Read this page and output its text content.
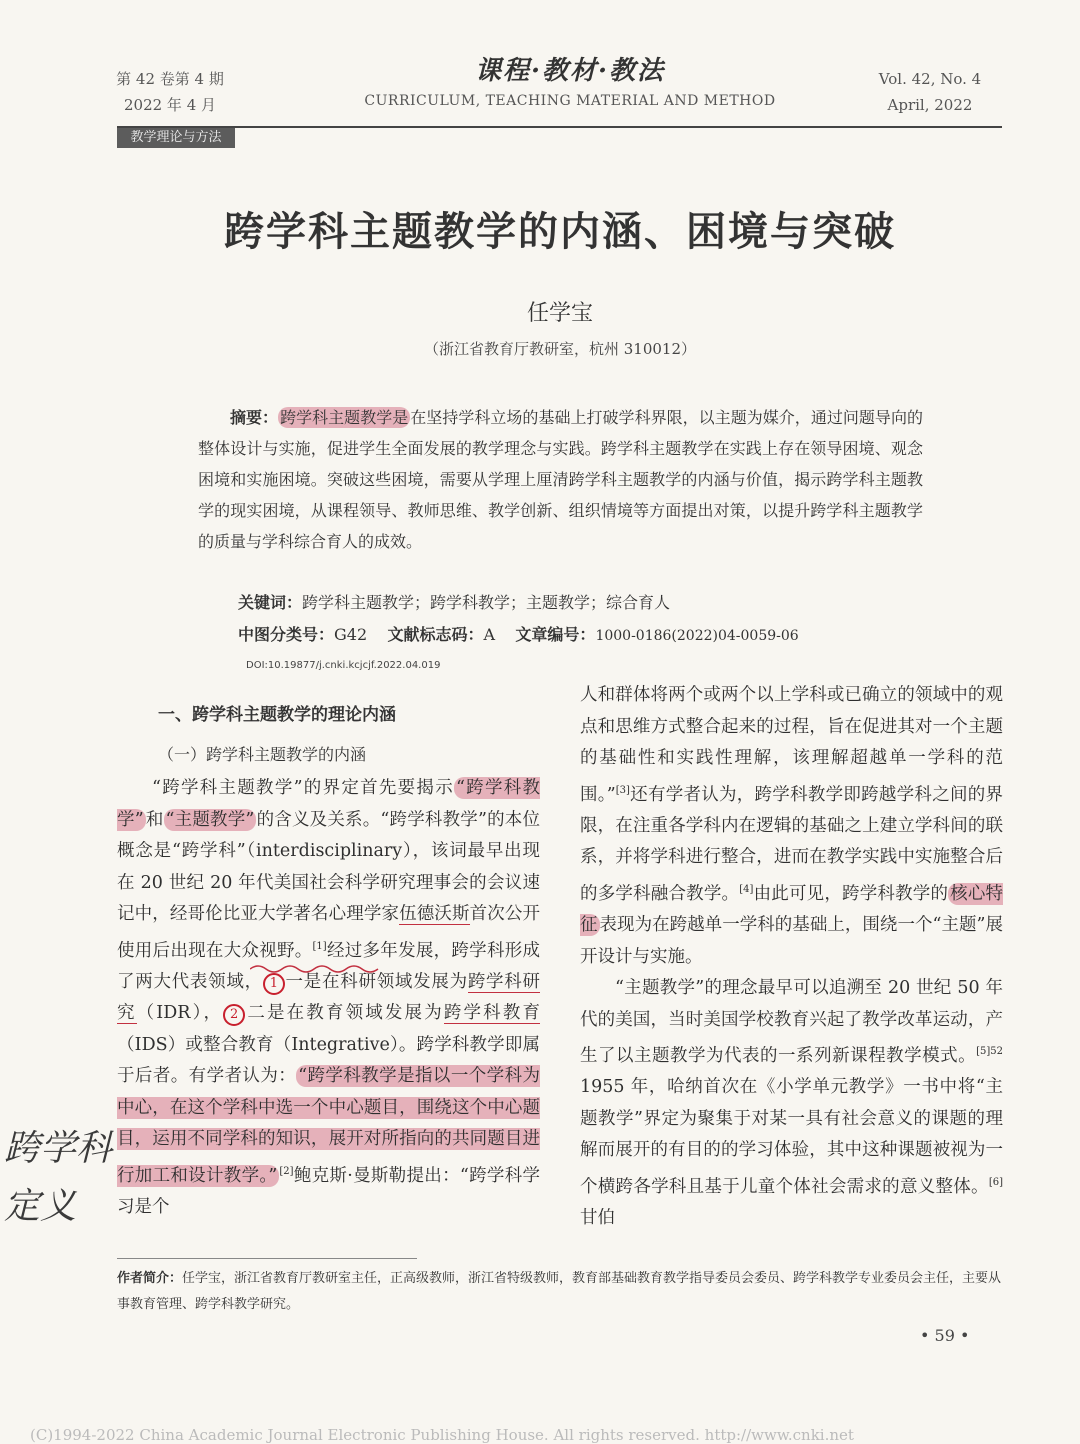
第 42 卷第 4 期
2022 年 4 月
课程·教材·教法
CURRICULUM, TEACHING MATERIAL AND METHOD
Vol. 42, No. 4
April, 2022
教学理论与方法
跨学科主题教学的内涵、困境与突破
任学宝
（浙江省教育厅教研室，杭州 310012）
摘要： 跨学科主题教学是 在坚持学科立场的基础上打破学科界限，以主题为媒介，通过问题导向的整体设计与实施，促进学生全面发展的教学理念与实践。跨学科主题教学在实践上存在领导困境、观念困境和实施困境。突破这些困境，需要从学理上厘清跨学科主题教学的内涵与价值，揭示跨学科主题教学的现实困境，从课程领导、教师思维、教学创新、组织情境等方面提出对策，以提升跨学科主题教学的质量与学科综合育人的成效。
关键词：跨学科主题教学；跨学科教学；主题教学；综合育人
中图分类号：G42 文献标志码：A 文章编号：1000-0186(2022)04-0059-06
DOI:10.19877/j.cnki.kcjcjf.2022.04.019
一、跨学科主题教学的理论内涵
（一）跨学科主题教学的内涵
“跨学科主题教学”的界定首先要揭示 “跨学科教学” 和 “主题教学” 的含义及关系。“跨学科教学”的本位概念是“跨学科”（interdisciplinary），该词最早出现在 20 世纪 20 年代美国社会科学研究理事会的会议速记中，经哥伦比亚大学著名心理学家伍德沃斯首次公开使用后出现在大众视野。[1]经过多年发展，跨学科形成了两大代表领域， 1 一是在科研领域发展为跨学科研究（IDR）， 2 二是在教育领域发展为跨学科教育（IDS）或整合教育（Integrative）。跨学科教学即属于后者。有学者认为： “跨学科教学是指以一个学科为中心，在这个学科中选一个中心题目，围绕这个中心题目，运用不同学科的知识，展开对所指向的共同题目进行加工和设计教学。” [2]鲍克斯·曼斯勒提出：“跨学科学习是个

人和群体将两个或两个以上学科或已确立的领域中的观点和思维方式整合起来的过程，旨在促进其对一个主题的基础性和实践性理解，该理解超越单一学科的范围。”[3]还有学者认为，跨学科教学即跨越学科之间的界限，在注重各学科内在逻辑的基础之上建立学科间的联系，并将学科进行整合，进而在教学实践中实施整合后的多学科融合教学。[4]由此可见，跨学科教学的 核心特征 表现为在跨越单一学科的基础上，围绕一个“主题”展开设计与实施。

“主题教学”的理念最早可以追溯至 20 世纪 50 年代的美国，当时美国学校教育兴起了教学改革运动，产生了以主题教学为代表的一系列新课程教学模式。$^{[5]52}$ 1955 年，哈纳首次在《小学单元教学》一书中将“主题教学”界定为聚集于对某一具有社会意义的课题的理解而展开的有目的的学习体验，其中这种课题被视为一个横跨各学科且基于儿童个体社会需求的意义整体。[6]甘伯

跨学科
定义
作者简介：任学宝，浙江省教育厅教研室主任，正高级教师，浙江省特级教师，教育部基础教育教学指导委员会委员、跨学科教学专业委员会主任，主要从事教育管理、跨学科教学研究。
• 59 •
(C)1994-2022 China Academic Journal Electronic Publishing House. All rights reserved. http://www.cnki.net
